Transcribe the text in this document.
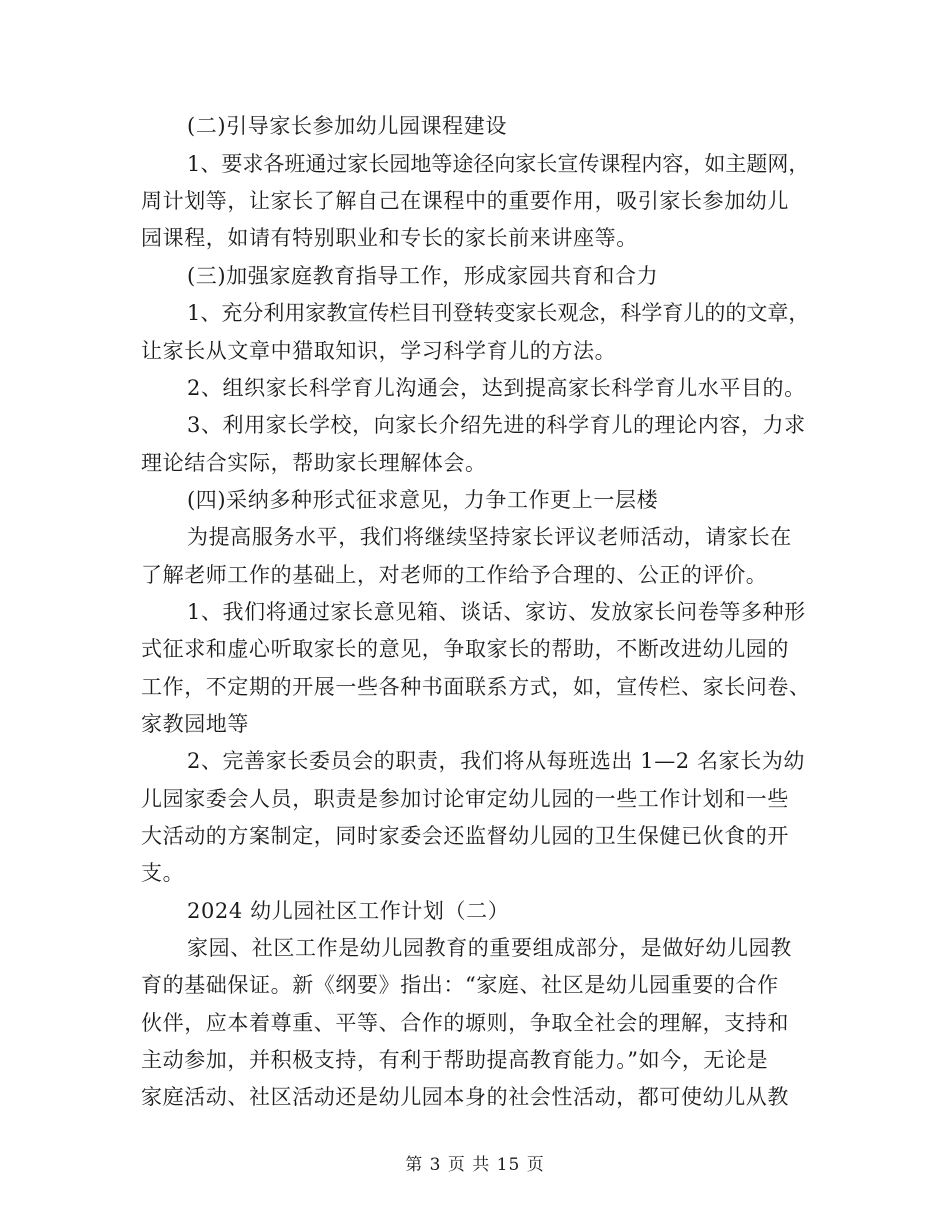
(二)引导家长参加幼儿园课程建设
1、要求各班通过家长园地等途径向家长宣传课程内容，如主题网，
周计划等，让家长了解自己在课程中的重要作用，吸引家长参加幼儿
园课程，如请有特别职业和专长的家长前来讲座等。
(三)加强家庭教育指导工作，形成家园共育和合力
1、充分利用家教宣传栏目刊登转变家长观念，科学育儿的的文章，
让家长从文章中猎取知识，学习科学育儿的方法。
2、组织家长科学育儿沟通会，达到提高家长科学育儿水平目的。
3、利用家长学校，向家长介绍先进的科学育儿的理论内容，力求
理论结合实际，帮助家长理解体会。
(四)采纳多种形式征求意见，力争工作更上一层楼
为提高服务水平，我们将继续坚持家长评议老师活动，请家长在
了解老师工作的基础上，对老师的工作给予合理的、公正的评价。
1、我们将通过家长意见箱、谈话、家访、发放家长问卷等多种形
式征求和虚心听取家长的意见，争取家长的帮助，不断改进幼儿园的
工作，不定期的开展一些各种书面联系方式，如，宣传栏、家长问卷、
家教园地等
2、完善家长委员会的职责，我们将从每班选出 1—2 名家长为幼
儿园家委会人员，职责是参加讨论审定幼儿园的一些工作计划和一些
大活动的方案制定，同时家委会还监督幼儿园的卫生保健已伙食的开
支。
2024 幼儿园社区工作计划（二）
家园、社区工作是幼儿园教育的重要组成部分，是做好幼儿园教
育的基础保证。新《纲要》指出：“家庭、社区是幼儿园重要的合作
伙伴，应本着尊重、平等、合作的塬则，争取全社会的理解，支持和
主动参加，并积极支持，有利于帮助提高教育能力。”如今，无论是
家庭活动、社区活动还是幼儿园本身的社会性活动，都可使幼儿从教
第 3 页 共 15 页
